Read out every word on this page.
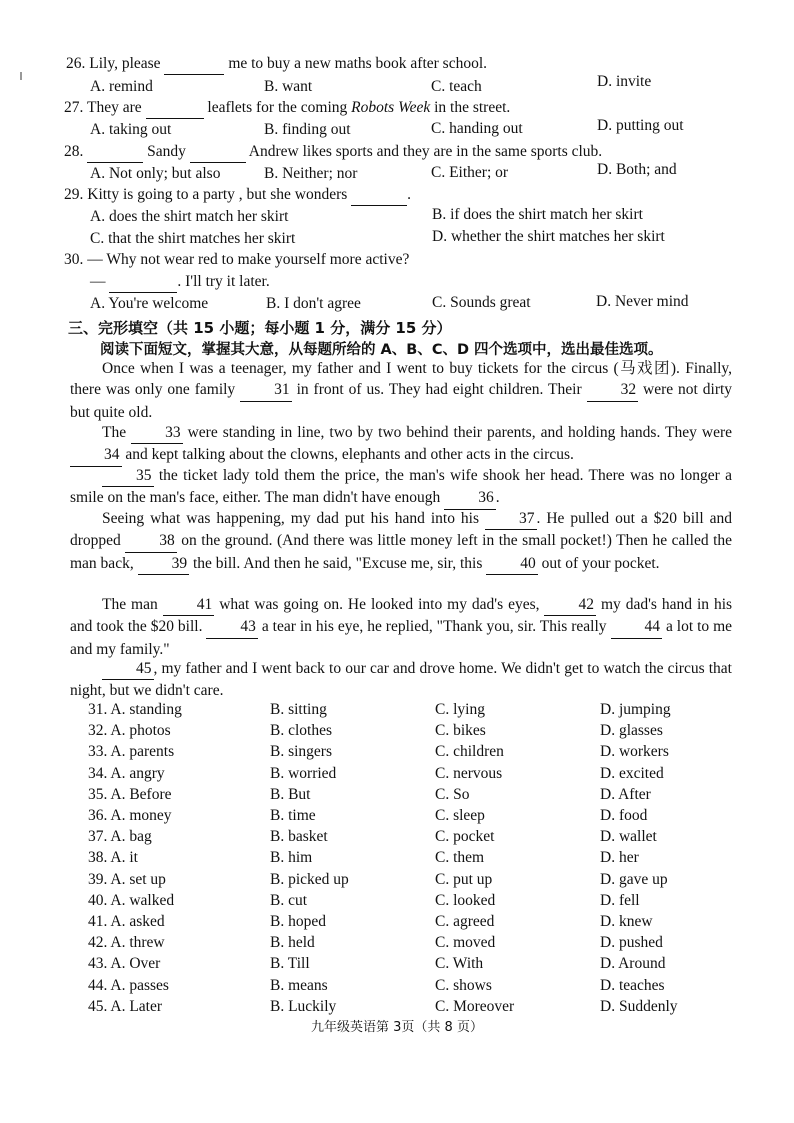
26. Lily, please	me to buy a new maths book after school.
A. remind	B. want	C. teach	D. invite
27. They are	leaflets for the coming Robots Week in the street.
A. taking out	B. finding out	C. handing out	D. putting out
28.	Sandy	Andrew likes sports and they are in the same sports club.
A. Not only; but also	B. Neither; nor	C. Either; or	D. Both; and
29. Kitty is going to a party , but she wonders	.
A. does the shirt match her skirt	B. if does the shirt match her skirt
C. that the shirt matches her skirt	D. whether the shirt matches her skirt
30. — Why not wear red to make yourself more active?
—	. I'll try it later.
A. You're welcome	B. I don't agree	C. Sounds great	D. Never mind
三、完形填空（共 15 小题；每小题 1 分，满分 15 分）
阅读下面短文，掌握其大意，从每题所给的 A、B、C、D 四个选项中，选出最佳选项。
Once when I was a teenager, my father and I went to buy tickets for the circus (马戏团). Finally, there was only one family	31 in front of us. They had eight children. Their	32 were not dirty but quite old.
The	33 were standing in line, two by two behind their parents, and holding hands. They were 34 and kept talking about the clowns, elephants and other acts in the circus.
35 the ticket lady told them the price, the man's wife shook her head. There was no longer a smile on the man's face, either. The man didn't have enough 36 .
Seeing what was happening, my dad put his hand into his	37 . He pulled out a $20 bill and dropped 38 on the ground. (And there was little money left in the small pocket!) Then he called the man back, 39 the bill. And then he said, "Excuse me, sir, this 40 out of your pocket.
The man	41 what was going on. He looked into my dad's eyes,	42 my dad's hand in his and took the $20 bill. 43 a tear in his eye, he replied, "Thank you, sir. This really 44 a lot to me and my family."
45 , my father and I went back to our car and drove home. We didn't get to watch the circus that night, but we didn't care.
31. A. standing	B. sitting	C. lying	D. jumping
32. A. photos	B. clothes	C. bikes	D. glasses
33. A. parents	B. singers	C. children	D. workers
34. A. angry	B. worried	C. nervous	D. excited
35. A. Before	B. But	C. So	D. After
36. A. money	B. time	C. sleep	D. food
37. A. bag	B. basket	C. pocket	D. wallet
38. A. it	B. him	C. them	D. her
39. A. set up	B. picked up	C. put up	D. gave up
40. A. walked	B. cut	C. looked	D. fell
41. A. asked	B. hoped	C. agreed	D. knew
42. A. threw	B. held	C. moved	D. pushed
43. A. Over	B. Till	C. With	D. Around
44. A. passes	B. means	C. shows	D. teaches
45. A. Later	B. Luckily	C. Moreover	D. Suddenly
九年级英语第 3页（共 8 页）
